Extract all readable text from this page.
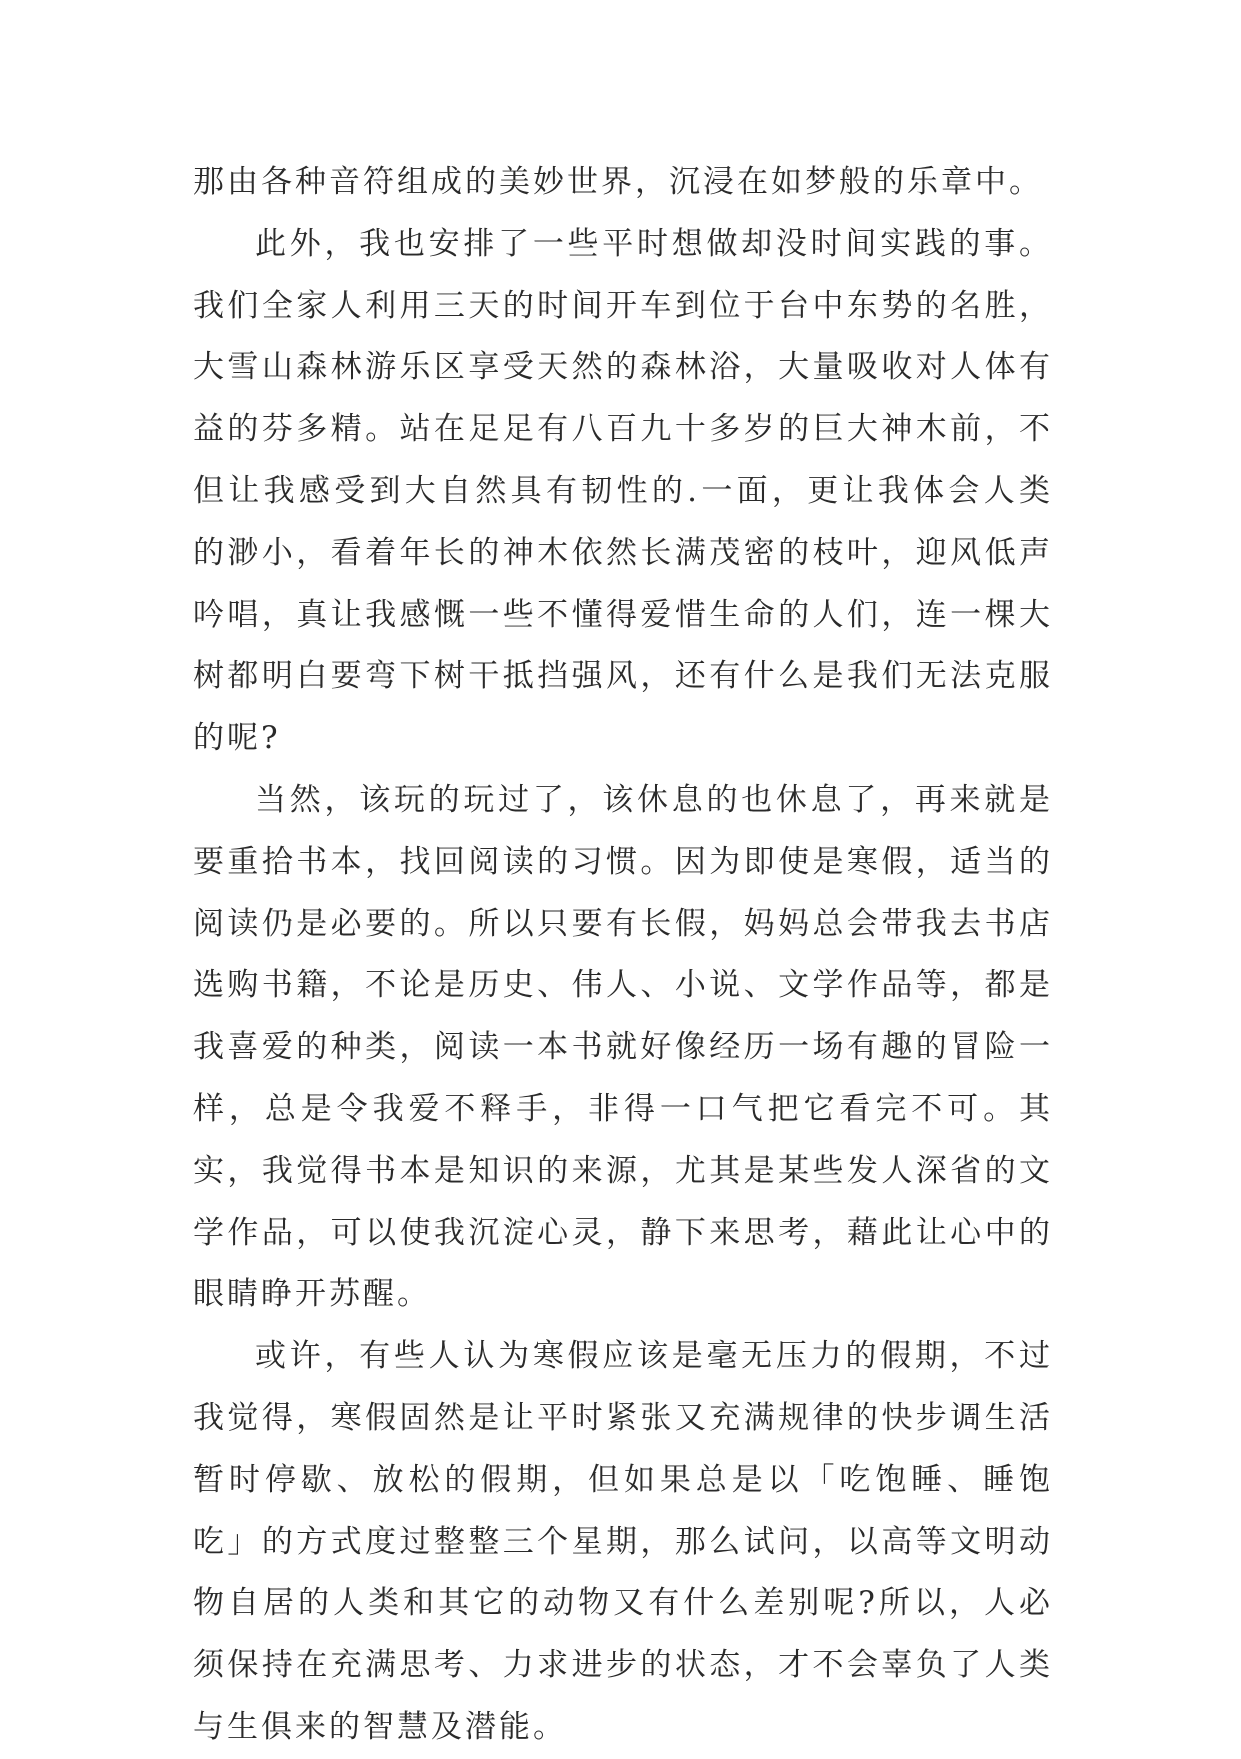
那由各种音符组成的美妙世界，沉浸在如梦般的乐章中。

此外，我也安排了一些平时想做却没时间实践的事。我们全家人利用三天的时间开车到位于台中东势的名胜，大雪山森林游乐区享受天然的森林浴，大量吸收对人体有益的芬多精。站在足足有八百九十多岁的巨大神木前，不但让我感受到大自然具有韧性的.一面，更让我体会人类的渺小，看着年长的神木依然长满茂密的枝叶，迎风低声吟唱，真让我感慨一些不懂得爱惜生命的人们，连一棵大树都明白要弯下树干抵挡强风，还有什么是我们无法克服的呢?

当然，该玩的玩过了，该休息的也休息了，再来就是要重拾书本，找回阅读的习惯。因为即使是寒假，适当的阅读仍是必要的。所以只要有长假，妈妈总会带我去书店选购书籍，不论是历史、伟人、小说、文学作品等，都是我喜爱的种类，阅读一本书就好像经历一场有趣的冒险一样，总是令我爱不释手，非得一口气把它看完不可。其实，我觉得书本是知识的来源，尤其是某些发人深省的文学作品，可以使我沉淀心灵，静下来思考，藉此让心中的眼睛睁开苏醒。

或许，有些人认为寒假应该是毫无压力的假期，不过我觉得，寒假固然是让平时紧张又充满规律的快步调生活暂时停歇、放松的假期，但如果总是以「吃饱睡、睡饱吃」的方式度过整整三个星期，那么试问，以高等文明动物自居的人类和其它的动物又有什么差别呢?所以，人必须保持在充满思考、力求进步的状态，才不会辜负了人类与生俱来的智慧及潜能。
